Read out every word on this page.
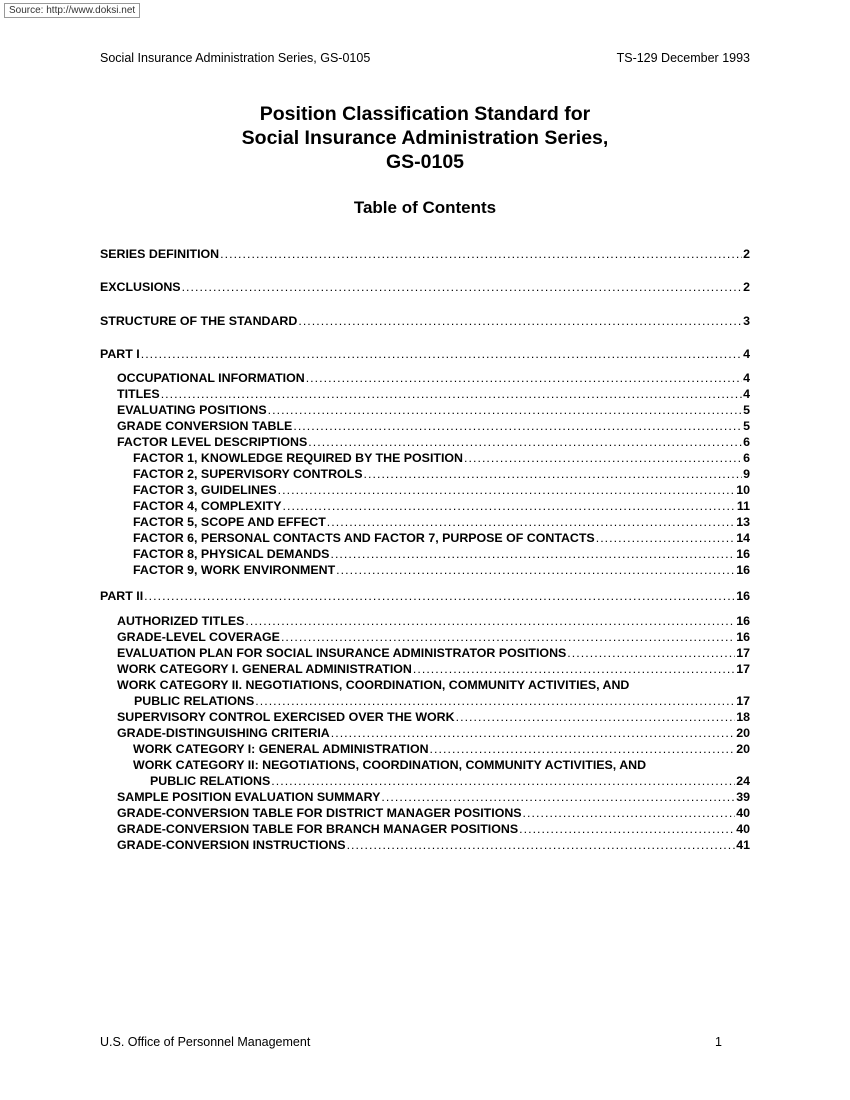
Source: http://www.doksi.net
Social Insurance Administration Series, GS-0105	TS-129 December 1993
Position Classification Standard for
Social Insurance Administration Series,
GS-0105
Table of Contents
SERIES DEFINITION . . .	2
EXCLUSIONS . . .	2
STRUCTURE OF THE STANDARD . . .	3
PART I . . .	4
OCCUPATIONAL INFORMATION . . .	4
TITLES . . .	4
EVALUATING POSITIONS . . .	5
GRADE CONVERSION TABLE . . .	5
FACTOR LEVEL DESCRIPTIONS . . .	6
FACTOR 1, KNOWLEDGE REQUIRED BY THE POSITION . . .	6
FACTOR 2, SUPERVISORY CONTROLS . . .	9
FACTOR 3, GUIDELINES . . .	10
FACTOR 4, COMPLEXITY . . .	11
FACTOR 5, SCOPE AND EFFECT . . .	13
FACTOR 6, PERSONAL CONTACTS AND FACTOR 7, PURPOSE OF CONTACTS . . .	14
FACTOR 8, PHYSICAL DEMANDS . . .	16
FACTOR 9, WORK ENVIRONMENT . . .	16
PART II . . .	16
AUTHORIZED TITLES . . .	16
GRADE-LEVEL COVERAGE . . .	16
EVALUATION PLAN FOR SOCIAL INSURANCE ADMINISTRATOR POSITIONS . . .	17
WORK CATEGORY I. GENERAL ADMINISTRATION . . .	17
WORK CATEGORY II. NEGOTIATIONS, COORDINATION, COMMUNITY ACTIVITIES, AND
PUBLIC RELATIONS . . .	17
SUPERVISORY CONTROL EXERCISED OVER THE WORK . . .	18
GRADE-DISTINGUISHING CRITERIA . . .	20
WORK CATEGORY I: GENERAL ADMINISTRATION . . .	20
WORK CATEGORY II: NEGOTIATIONS, COORDINATION, COMMUNITY ACTIVITIES, AND
PUBLIC RELATIONS . . .	24
SAMPLE POSITION EVALUATION SUMMARY . . .	39
GRADE-CONVERSION TABLE FOR DISTRICT MANAGER POSITIONS . . .	40
GRADE-CONVERSION TABLE FOR BRANCH MANAGER POSITIONS . . .	40
GRADE-CONVERSION INSTRUCTIONS . . .	41
U.S. Office of Personnel Management	1
